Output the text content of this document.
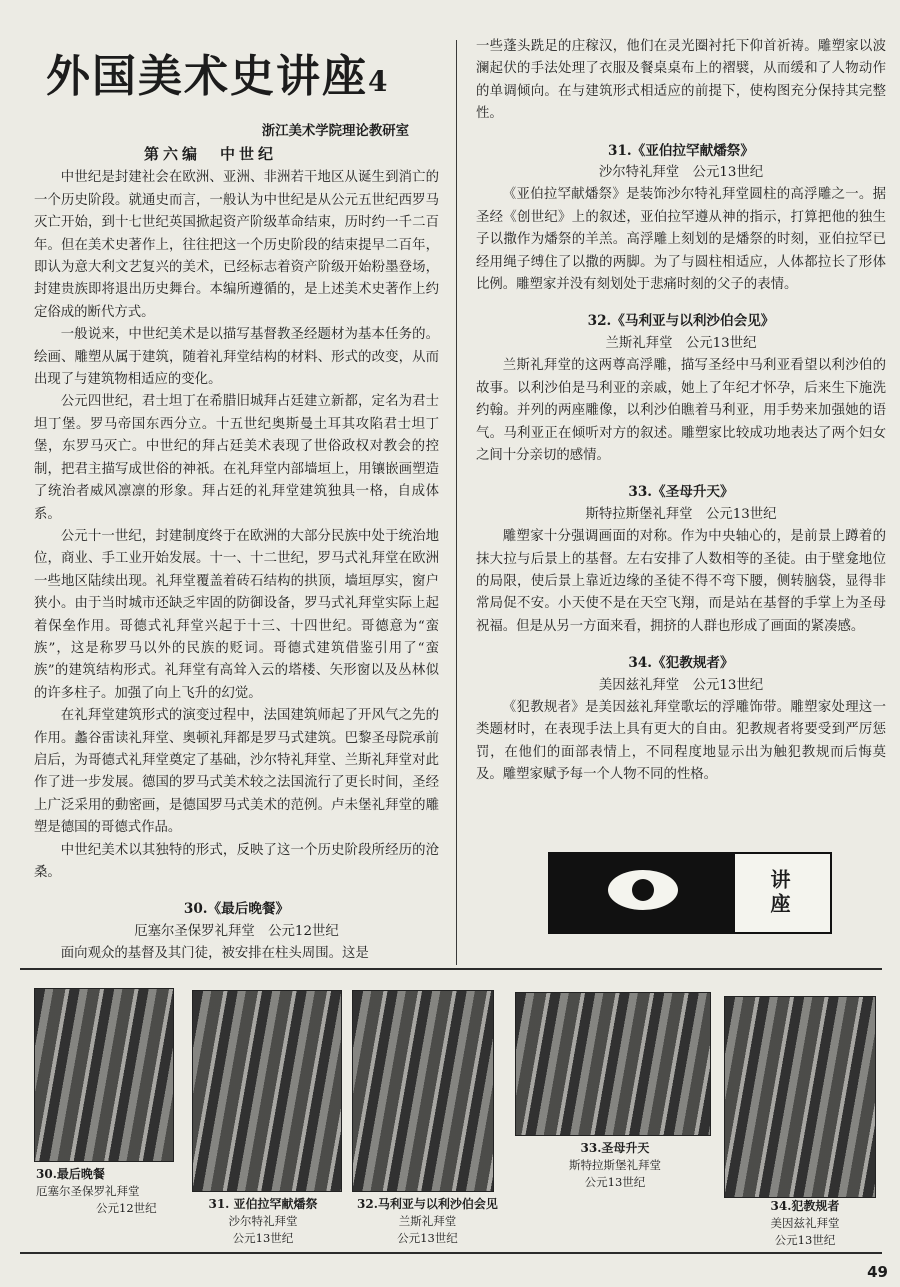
外国美术史讲座4
浙江美术学院理论教研室
第六编　中世纪

中世纪是封建社会在欧洲、亚洲、非洲若干地区从诞生到消亡的一个历史阶段。就通史而言，一般认为中世纪是从公元五世纪西罗马灭亡开始，到十七世纪英国掀起资产阶级革命结束，历时约一千二百年。但在美术史著作上，往往把这一个历史阶段的结束提早二百年，即认为意大利文艺复兴的美术，已经标志着资产阶级开始粉墨登场，封建贵族即将退出历史舞台。本编所遵循的，是上述美术史著作上约定俗成的断代方式。

一般说来，中世纪美术是以描写基督教圣经题材为基本任务的。绘画、雕塑从属于建筑，随着礼拜堂结构的材料、形式的改变，从而出现了与建筑物相适应的变化。

公元四世纪，君士坦丁在希腊旧城拜占廷建立新都，定名为君士坦丁堡。罗马帝国东西分立。十五世纪奥斯曼土耳其攻陷君士坦丁堡，东罗马灭亡。中世纪的拜占廷美术表现了世俗政权对教会的控制，把君主描写成世俗的神祇。在礼拜堂内部墙垣上，用镶嵌画塑造了统治者威风凛凛的形象。拜占廷的礼拜堂建筑独具一格，自成体系。

公元十一世纪，封建制度终于在欧洲的大部分民族中处于统治地位，商业、手工业开始发展。十一、十二世纪，罗马式礼拜堂在欧洲一些地区陆续出现。礼拜堂覆盖着砖石结构的拱顶，墙垣厚实，窗户狭小。由于当时城市还缺乏牢固的防御设备，罗马式礼拜堂实际上起着保垒作用。哥德式礼拜堂兴起于十三、十四世纪。哥德意为“蛮族”，这是称罗马以外的民族的贬词。哥德式建筑借鉴引用了“蛮族”的建筑结构形式。礼拜堂有高耸入云的塔楼、矢形窗以及丛林似的许多柱子。加强了向上飞升的幻觉。

在礼拜堂建筑形式的演变过程中，法国建筑师起了开风气之先的作用。蠡谷雷读礼拜堂、奥顿礼拜都是罗马式建筑。巴黎圣母院承前启后，为哥德式礼拜堂奠定了基础，沙尔特礼拜堂、兰斯礼拜堂对此作了进一步发展。德国的罗马式美术较之法国流行了更长时间，圣经上广泛采用的動密画，是德国罗马式美术的范例。卢未堡礼拜堂的雕塑是德国的哥德式作品。

中世纪美术以其独特的形式，反映了这一个历史阶段所经历的沧桑。

30.《最后晚餐》
厄塞尔圣保罗礼拜堂　公元12世纪

面向观众的基督及其门徒，被安排在柱头周围。这是

一些蓬头跣足的庄稼汉，他们在灵光圈衬托下仰首祈祷。雕塑家以波澜起伏的手法处理了衣服及餐桌桌布上的褶襞，从而缓和了人物动作的单调倾向。在与建筑形式相适应的前提下，使构图充分保持其完整性。

31.《亚伯拉罕献燔祭》
沙尔特礼拜堂　公元13世纪

《亚伯拉罕献燔祭》是装饰沙尔特礼拜堂圆柱的高浮雕之一。据圣经《创世纪》上的叙述，亚伯拉罕遵从神的指示，打算把他的独生子以撒作为燔祭的羊羔。高浮雕上刻划的是燔祭的时刻，亚伯拉罕已经用绳子缚住了以撒的两脚。为了与圆柱相适应，人体都拉长了形体比例。雕塑家并没有刻划处于悲痛时刻的父子的表情。

32.《马利亚与以利沙伯会见》
兰斯礼拜堂　公元13世纪

兰斯礼拜堂的这两尊高浮雕，描写圣经中马利亚看望以利沙伯的故事。以利沙伯是马利亚的亲戚，她上了年纪才怀孕，后来生下施洗约翰。并列的两座雕像，以利沙伯瞧着马利亚，用手势来加强她的语气。马利亚正在倾听对方的叙述。雕塑家比较成功地表达了两个妇女之间十分亲切的感情。

33.《圣母升天》
斯特拉斯堡礼拜堂　公元13世纪

雕塑家十分强调画面的对称。作为中央轴心的，是前景上蹲着的抹大拉与后景上的基督。左右安排了人数相等的圣徒。由于壁龛地位的局限，使后景上靠近边缘的圣徒不得不弯下腰，侧转脑袋，显得非常局促不安。小天使不是在天空飞翔，而是站在基督的手掌上为圣母祝福。但是从另一方面来看，拥挤的人群也形成了画面的紧凑感。

34.《犯教规者》
美因兹礼拜堂　公元13世纪

《犯教规者》是美因兹礼拜堂歌坛的浮雕饰带。雕塑家处理这一类题材时，在表现手法上具有更大的自由。犯教规者将要受到严厉惩罚，在他们的面部表情上，不同程度地显示出为触犯教规而后悔莫及。雕塑家赋予每一个人物不同的性格。

讲座
30.最后晚餐
厄塞尔圣保罗礼拜堂
公元12世纪	31. 亚伯拉罕献燔祭
沙尔特礼拜堂
公元13世纪
32.马利亚与以利沙伯会见
兰斯礼拜堂
公元13世纪
33.圣母升天
斯特拉斯堡礼拜堂
公元13世纪
34.犯教规者
美因兹礼拜堂
公元13世纪
49
